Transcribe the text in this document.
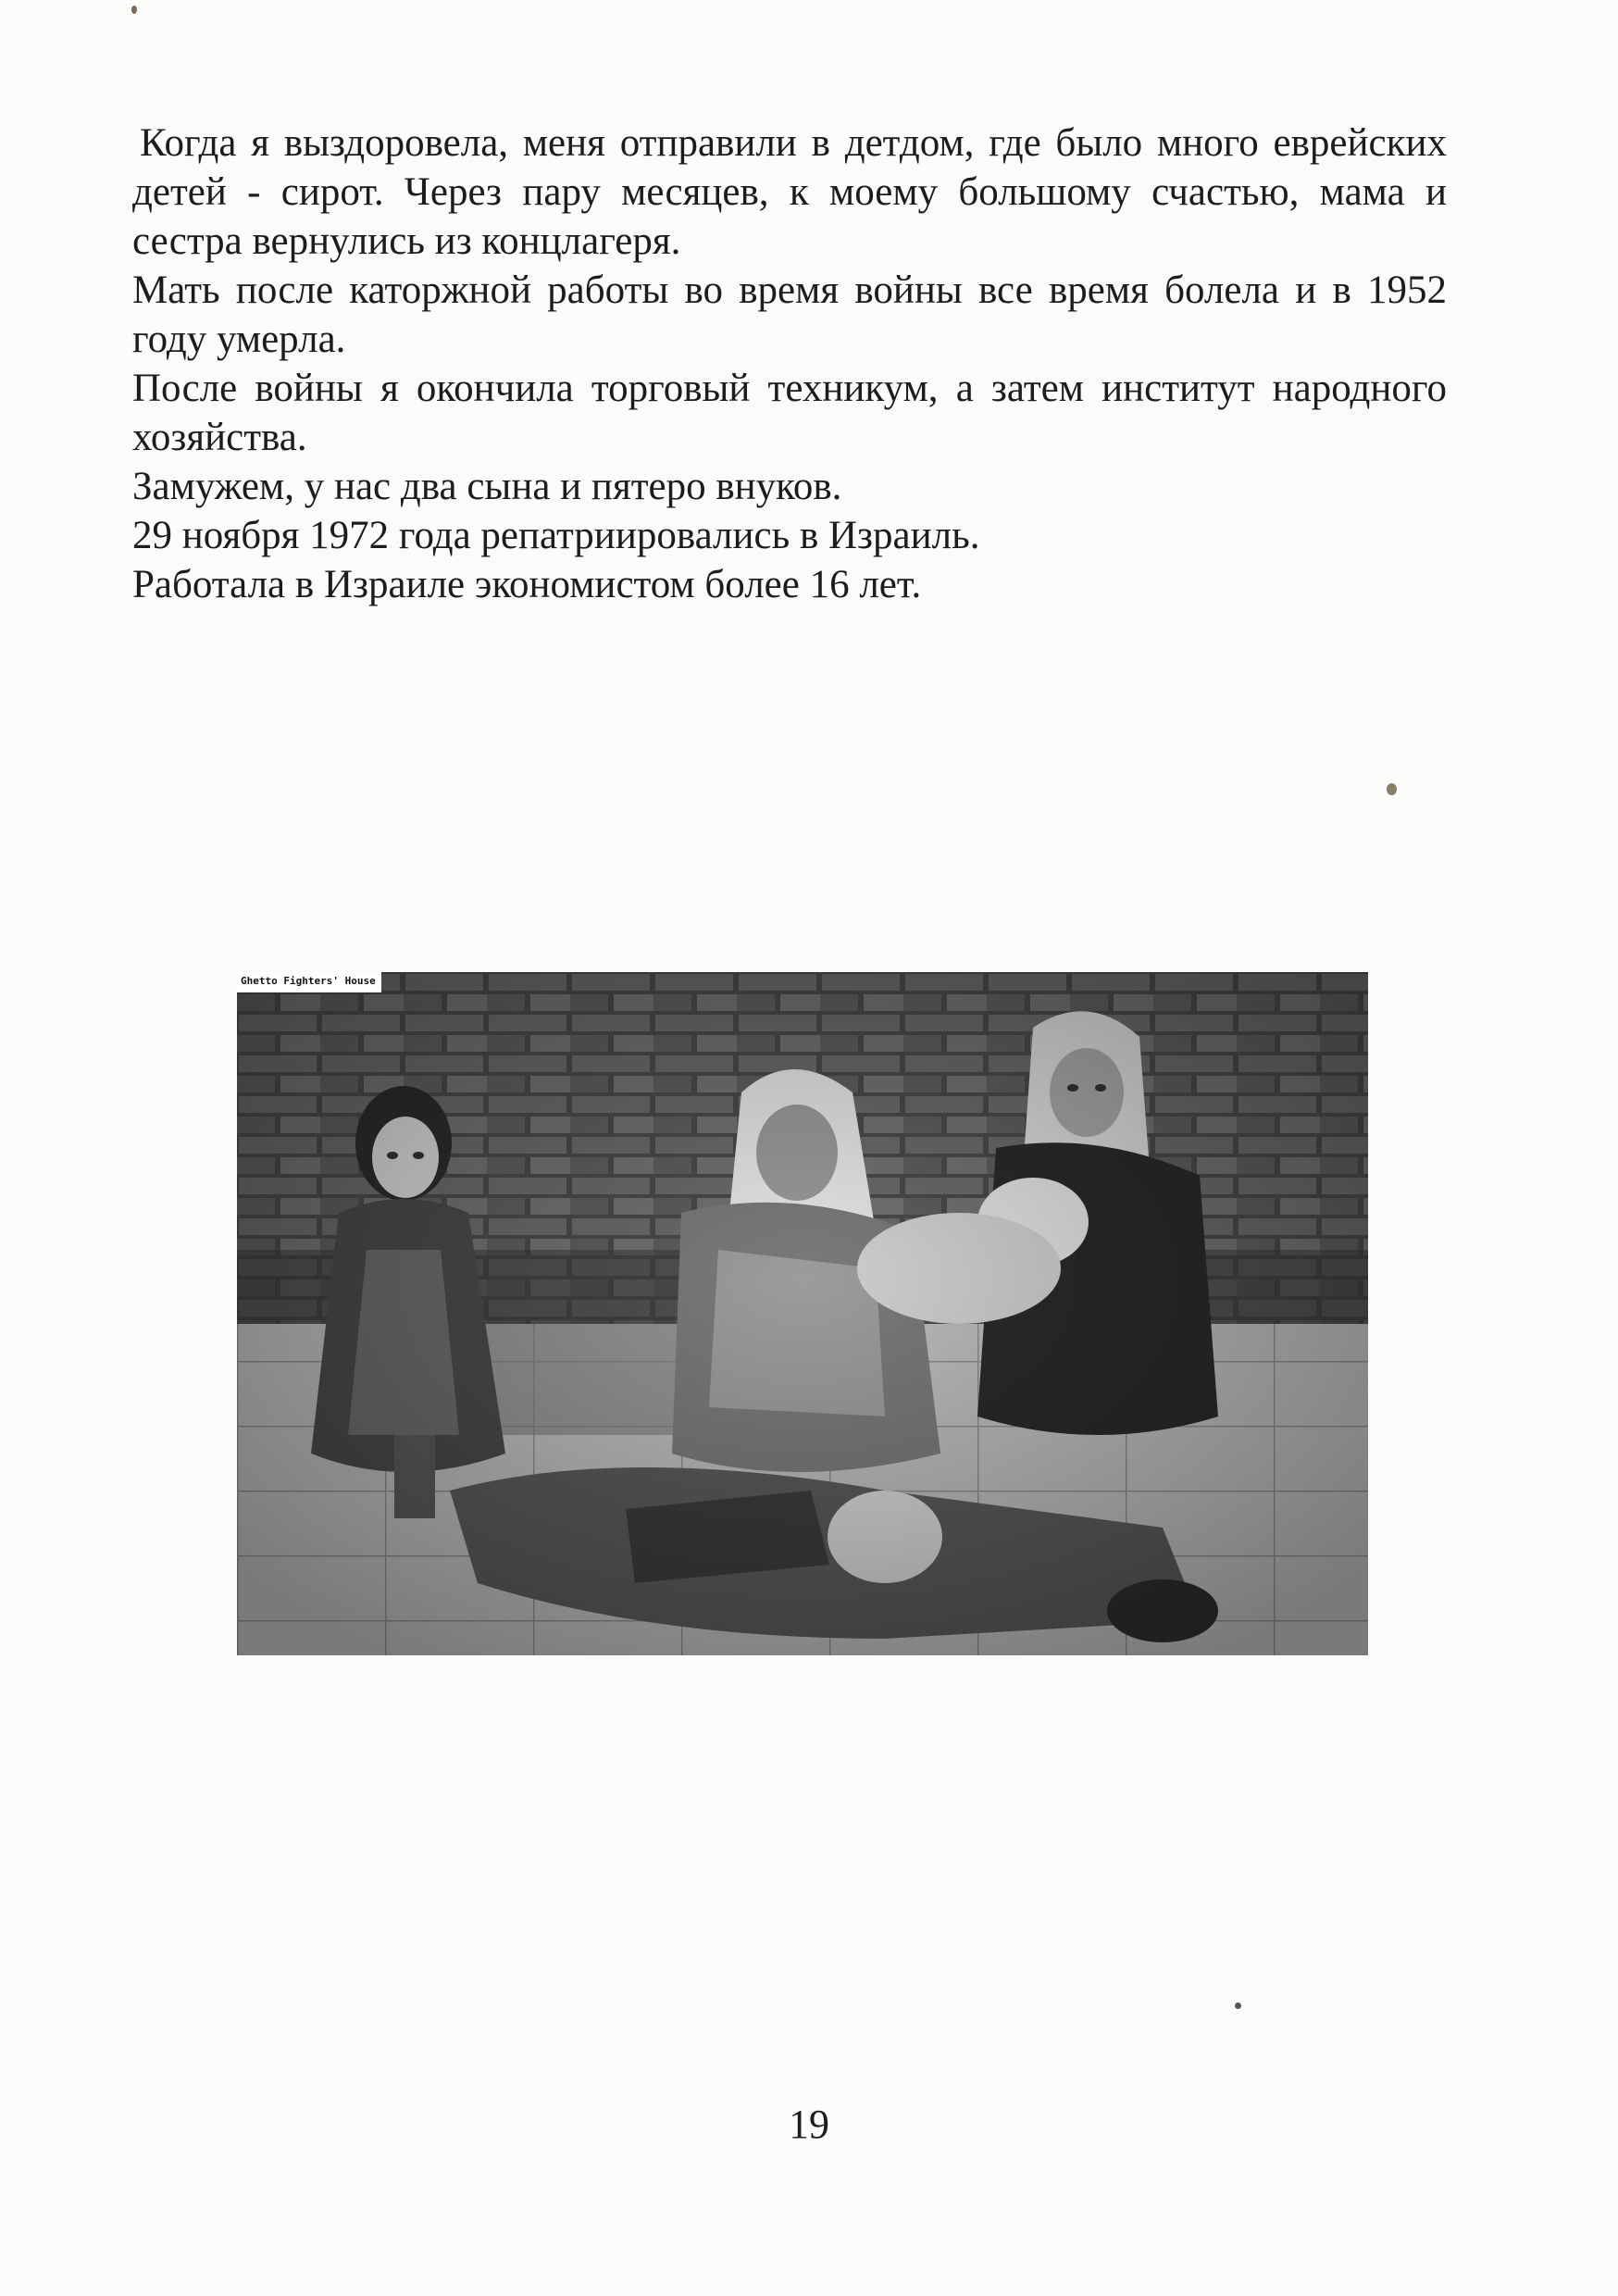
Когда я выздоровела, меня отправили в детдом, где было много еврейских детей - сирот. Через пару месяцев, к моему большому счастью, мама и сестра вернулись из концлагеря.

Мать после каторжной работы во время войны все время болела и в 1952 году умерла.

После войны я окончила торговый техникум, а затем институт народного хозяйства.

Замужем, у нас два сына и пятеро внуков.

29 ноября 1972 года репатриировались в Израиль.

Работала в Израиле экономистом более 16 лет.

Ghetto Fighters' House
19
